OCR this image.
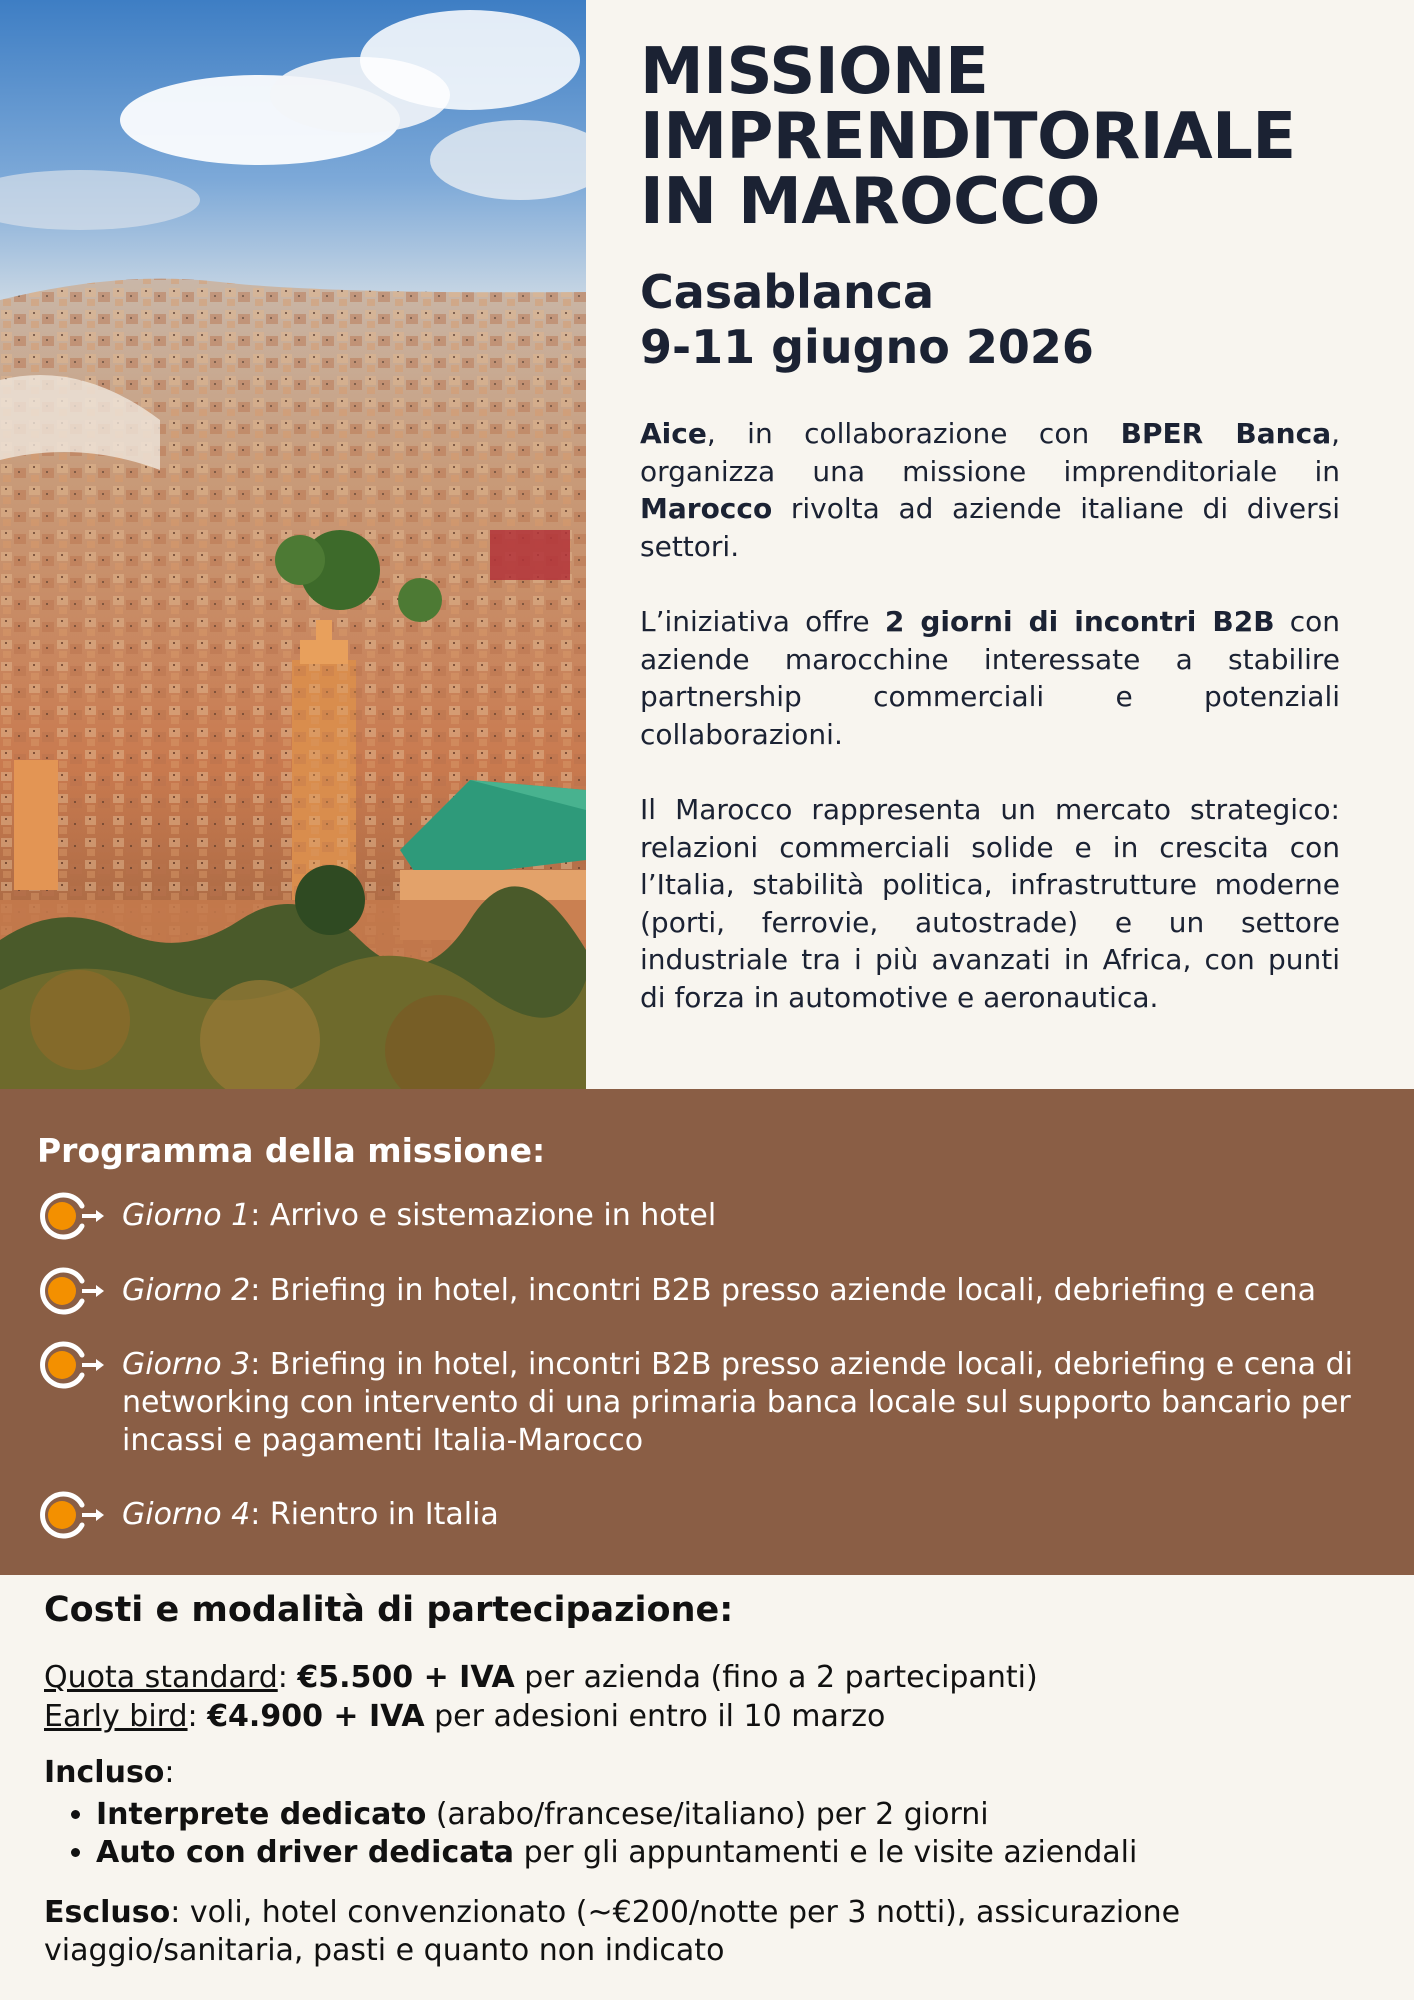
MISSIONE
IMPRENDITORIALE
IN MAROCCO
Casablanca
9-11 giugno 2026

Aice, in collaborazione con BPER Banca, organizza una missione imprenditoriale in Marocco rivolta ad aziende italiane di diversi settori.

L’iniziativa offre 2 giorni di incontri B2B con aziende marocchine interessate a stabilire partnership commerciali e potenziali collaborazioni.

Il Marocco rappresenta un mercato strategico: relazioni commerciali solide e in crescita con l’Italia, stabilità politica, infrastrutture moderne (porti, ferrovie, autostrade) e un settore industriale tra i più avanzati in Africa, con punti di forza in automotive e aeronautica.

Programma della missione:
Giorno 1: Arrivo e sistemazione in hotel
Giorno 2: Briefing in hotel, incontri B2B presso aziende locali, debriefing e cena
Giorno 3: Briefing in hotel, incontri B2B presso aziende locali, debriefing e cena di networking con intervento di una primaria banca locale sul supporto bancario per incassi e pagamenti Italia-Marocco
Giorno 4: Rientro in Italia
Costi e modalità di partecipazione:

Quota standard: €5.500 + IVA per azienda (fino a 2 partecipanti)

Early bird: €4.900 + IVA per adesioni entro il 10 marzo

Incluso:

• Interprete dedicato (arabo/francese/italiano) per 2 giorni
• Auto con driver dedicata per gli appuntamenti e le visite aziendali

Escluso: voli, hotel convenzionato (~€200/notte per 3 notti), assicurazione viaggio/sanitaria, pasti e quanto non indicato
